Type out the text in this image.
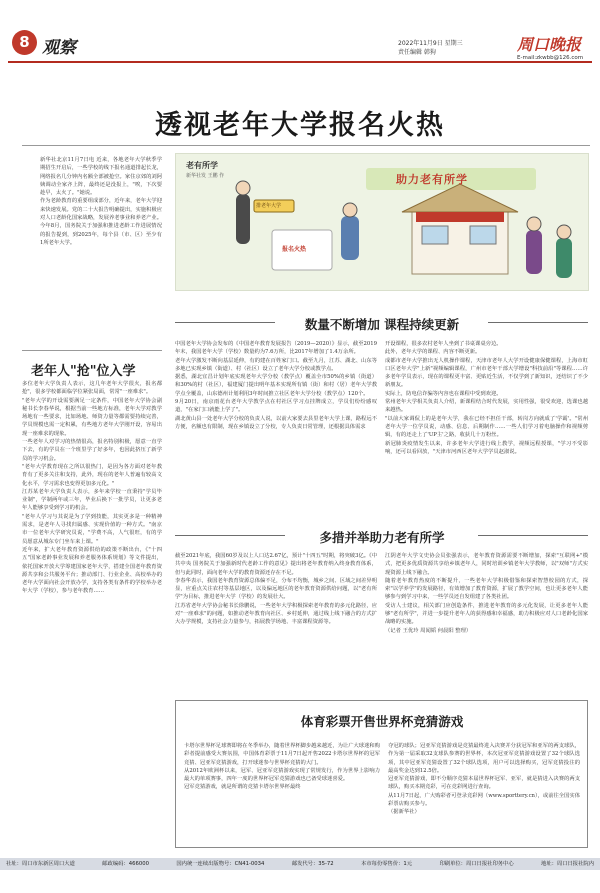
8 观察	2022年11月9日 星期三
责任编辑 韩狗	周口晚报
E-mail:zkwbb@126.com
透视老年大学报名火热

新华社北京11月7日电 近来，各地老年大学秋季学期招生开启后，一些学校的线下报名通道排起长龙，网络报名几分钟内名额全部被抢空。家住京郊的刘阿姨调动全家齐上阵，最终还是没报上，"唉，下次要趁早，太火了。"她说。
作为老龄教育的重要组成部分，近年来，老年大学迎来快速发展。党的二十大报告明确提出，实施积极应对人口老龄化国家战略，发展养老事业和养老产业。今年8月，国务院关于加强和推进老龄工作进展情况的报告提到，到2025年，每个县（市、区）至少有1所老年大学。

老有所学
新华社发 王鹏 作	助力老有所学
排老年大学
报名火热
数量不断增加 课程持续更新

中国老年大学协会发布的《中国老年教育发展报告（2019—2020）》显示，截至2019年末，我国老年大学（学校）数量约为7.6万所，比2017年增加了1.4万余所。
老年大学激发不断向基层延伸，有的建在百姓家门口。截至九月，江苏、湖北、山东等多地已实现乡镇（街道）、村（社区）设立了老年大学分校或教学点。
据悉，湖北宜昌计划年底实现老年大学分校（教学点）覆盖全市50%的乡镇（街道）和30%的村（社区），福建厦门提出明年基本实现所有镇（街）和村（居）老年大学教学点全覆盖，山东德州计划利用3年时间推立社区老年大学分校（教学点）120个。
9月20日，南京雨花台老年大学教学点在村社区学习点挂牌成立，学员们纷纷感叹道，"在家门口就能上学了"。
湖北黄山县一处老年大学分校的负责人说，以前大家要去县里老年大学上课，路程远不方便，名额也有限制，现在乡镇设立了分校，专人负责日常管理，还根据具体需求

开设课程，很多农村老年人坐到了书桌课桌旁边。
此外，老年大学的课程、内容不断更新。
成都市老年大学推出无人机操作课程，天津市老年人大学开设健康保健课程，上海市虹口区老年大学"上新"视频编辑课程，广州市老年干部大学增设"科技前沿"等课程……许多老年学员表示，现在的课程更丰富、更贴近生活，不仅学到了新知识，还结识了不少新朋友。
实际上，防电信诈骗等内容也在课程中受到欢迎。
常州老年大学相关负责人介绍，新课程结合时代发展，实用性强，很受欢迎，选课也越来越热。
"以前大家调侃上的是老年大学，我在已经不担任干部，转岗方向就成了'学霸'。"常州老年大学一位学员说，动感、信息、后期制作……一些人们学习着电脑操作和视频剪辑，有的还走上了'UP主'之路，收获几十万粉丝。
新冠肺炎疫情发生以来，许多老年大学进行线上教学，视频远程授课，"学习不受影响，还可以看回放，"天津市河西区老年大学学员赵淑说。

老年人"抢"位入学

多位老年大学负责人表示，这几年老年大学很火，报名都抢"，很多学校都面临学位紧张局面，常常"一座难求"。
"老年大学的开设需要满足一定条件，中国老年大学协会副秘书长李春华说，根据当前一些地方标准，老年大学对教学场地有一些要求，比如场地、师资力量等都需要持续完善，学员规模也需一定积累，有些地方老年大学刚开设，容易出现一座难求的现象。
一些老年人对学习的热情很高，报名特别积极，愿意一直学下去，有的学员在一个班里学了好多年，也因此挤压了新学员的学习机会。
"老年大学教育现在之所以很热门，是因为各方面对老年教育有了更多关注和支持，此外，现在的老年人普遍有较高文化水平，学习需求也变得更加多元化。"
江苏某老年大学负责人表示，多年来学校一直秉持"学员毕业制"，学制两年或三年，毕业后换下一批学员，让更多老年人能够享受到学习的机会。
"老年人学习与其说是为了学到技能，其实更多是一种精神需求，是老年人寻找归属感、实现价值的一种方式。"南京市一位老年大学研究员说，"学费不高，人气很旺，有的学员愿意从城东专门坐车来上课。"
近年来，扩大老年教育资源供给的政策不断出台，《"十四五"国家老龄事业发展和养老服务体系规划》等文件提出，依托国家开放大学筹建国家老年大学，搭建全国老年教育资源共享和公共服务平台；推动部门、行业企业、高校举办的老年大学面向社会开放办学，支持各类有条件的学校举办老年大学（学校），参与老年教育……

多措并举助力老有所学

截至2021年底，我国60岁及以上人口达2.67亿，预计"十四五"时期，将突破3亿。《中共中央 国务院关于加强新时代老龄工作的意见》提出将老年教育纳入终身教育体系，但与此同时，面向老年大学的教育资源还存在不足。
李春华表示，我国老年教育资源总体偏不足，分布不均衡，城乡之间、区域之间差异明显，应重点关注农村等基层地区，以及偏远地区的老年教育资源供给问题，以"老有所学"为目标，推进老年大学（学校）的发展壮大。
江苏省老年大学协会秘书长徐鹏说，一些老年大学积极探索老年教育的多元化路径，应对"一座难求"的问题，如推动老年教育向社区、乡村延伸，通过线上线下融合的方式扩大办学规模，支持社会力量参与，拓展教学场地、丰富课程资源等。

江阴老年大学文史协会员张强表示，老年教育资源需要不断增加，探索"互联网+"模式，把更多优质资源共享给乡镇老年人，同时培训乡镇老年大学教师，以"双师"方式实现资源上线下融合。
随着老年教育热度的不断提升，一些老年大学积极借鉴和探索智慧校园的方式，探索"以学养学"的发展路径，有效增加了教育资源，扩展了教学空间，也让更多老年人能够参与到学习中来，一些学员还自发组建了各类社团。
受访人士建议，相关部门应创造条件，推进老年教育的多元化发展，让更多老年人能够"老有所学"，并进一步提升老年人的获得感和幸福感，助力积极应对人口老龄化国家战略的实施。
（记者 王优玲 周闻韬 何晨阳 整理）

体育彩票开售世界杯竞猜游戏

卡塔尔世界杯足球赛即将在冬季举办，随着世界杯脚步越来越近，为让广大球迷和购彩者提前感受大赛氛围，中国体育彩票于11月7日起开售2022卡塔尔世界杯的冠军竞猜、冠亚军竞猜游戏，打开球迷参与世界杯竞猜的大门。
从2012年欧洲杯以来，冠军、冠亚军竞猜游戏实现了常规发行，作为世界上影响力最大的单项赛事，四年一度的世界杯冠军竞猜游戏也已备受球迷喜爱。
冠军竞猜游戏，就是所谓的竞猜卡塔尔世界杯最终

夺冠的球队；冠亚军竞猜游戏是竞猜最终进入决赛并分获冠军和亚军的两支球队，作为第一届采取32支球队参赛的世界杯，本次冠亚军竞猜游戏设置了32个球队选项，其中冠亚军竞猜设置了32个球队选项，用户可以选择购买，冠军竞猜投注的最高奖金达到12.5倍。
冠亚军竞猜游戏，即不分顺序竞猜本届世界杯冠军、亚军，就是猜进入决赛的两支球队，购买本期竞彩，可在竞彩网进行查询。
从11月7日起，广大购彩者可登录竞彩网（www.sporttery.cn），或前往全国实体彩票店购买参与。
（据新华社）

社址：周口市东新区周口大道	邮政编码：466000	国内统一连续出版物号：CN41-0034	邮发代号：35-72	本市每份零售价：1元	印刷单位：周口日报社印务中心	地址：周口日报社院内
